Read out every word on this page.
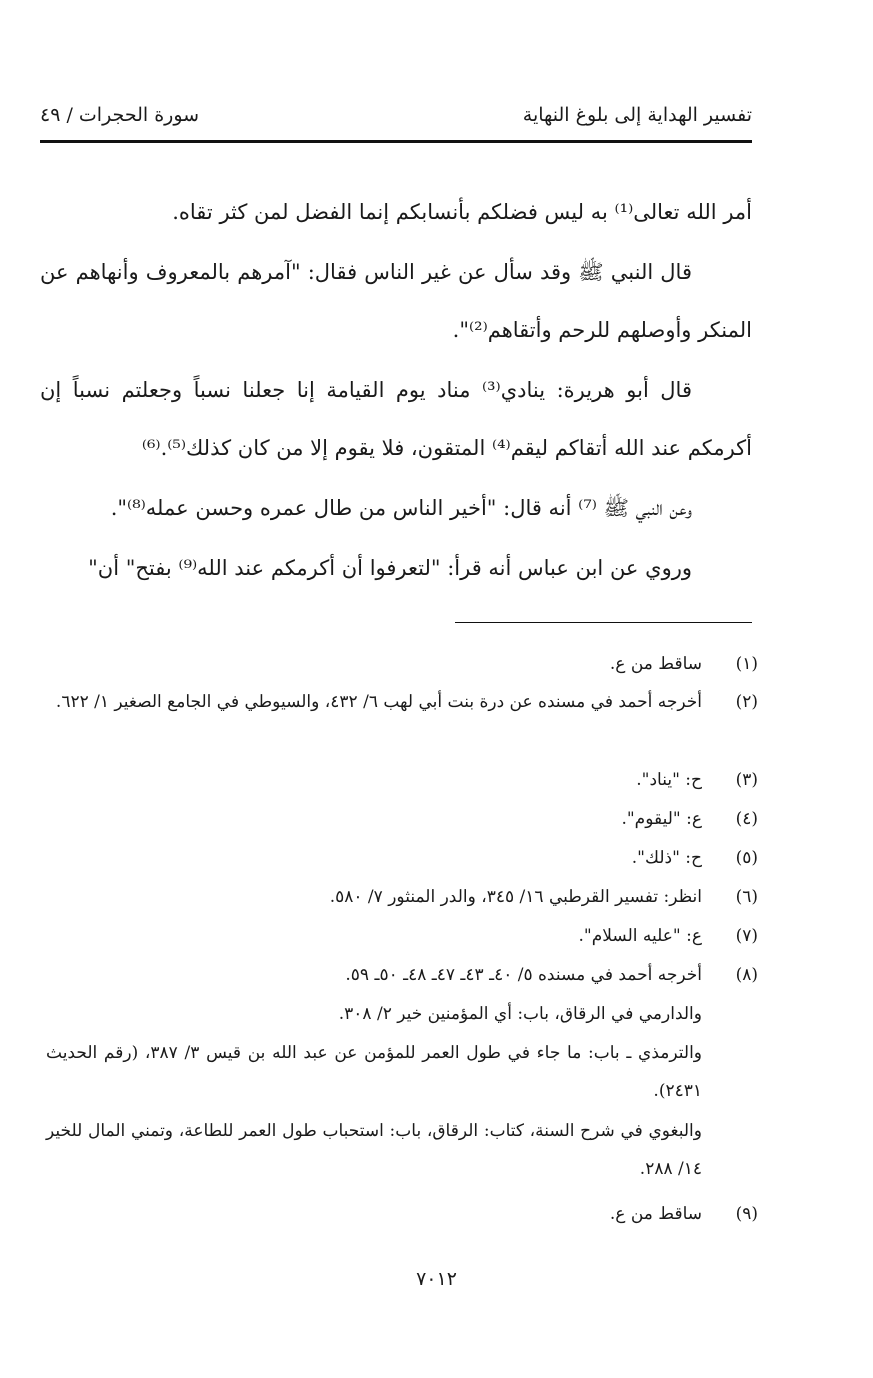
تفسير الهداية إلى بلوغ النهاية
سورة الحجرات / ٤٩

أمر الله تعالى⁽¹⁾ به ليس فضلكم بأنسابكم إنما الفضل لمن كثر تقاه.

قال النبي ﷺ وقد سأل عن غير الناس فقال: "آمرهم بالمعروف وأنهاهم عن المنكر وأوصلهم للرحم وأتقاهم⁽²⁾".

قال أبو هريرة: ينادي⁽³⁾ مناد يوم القيامة إنا جعلنا نسباً وجعلتم نسباً إن أكرمكم عند الله أتقاكم ليقم⁽⁴⁾ المتقون، فلا يقوم إلا من كان كذلك⁽⁵⁾.⁽⁶⁾

وعن النبي ﷺ ⁽⁷⁾ أنه قال: "أخير الناس من طال عمره وحسن عمله⁽⁸⁾".

وروي عن ابن عباس أنه قرأ: "لتعرفوا أن أكرمكم عند الله⁽⁹⁾ بفتح" أن"

(١)
ساقط من ع.
(٢)
أخرجه أحمد في مسنده عن درة بنت أبي لهب ٦/ ٤٣٢، والسيوطي في الجامع الصغير ١/ ٦٢٢.
(٣)
ح: "يناد".
(٤)
ع: "ليقوم".
(٥)
ح: "ذلك".
(٦)
انظر: تفسير القرطبي ١٦/ ٣٤٥، والدر المنثور ٧/ ٥٨٠.
(٧)
ع: "عليه السلام".
(٨)
أخرجه أحمد في مسنده ٥/ ٤٠ـ ٤٣ـ ٤٧ـ ٤٨ـ ٥٠ـ ٥٩.
والدارمي في الرقاق، باب: أي المؤمنين خير ٢/ ٣٠٨.
والترمذي ـ باب: ما جاء في طول العمر للمؤمن عن عبد الله بن قيس ٣/ ٣٨٧، (رقم الحديث ٢٤٣١).
والبغوي في شرح السنة، كتاب: الرقاق، باب: استحباب طول العمر للطاعة، وتمني المال للخير ١٤/ ٢٨٨.
(٩)
ساقط من ع.
٧٠١٢
